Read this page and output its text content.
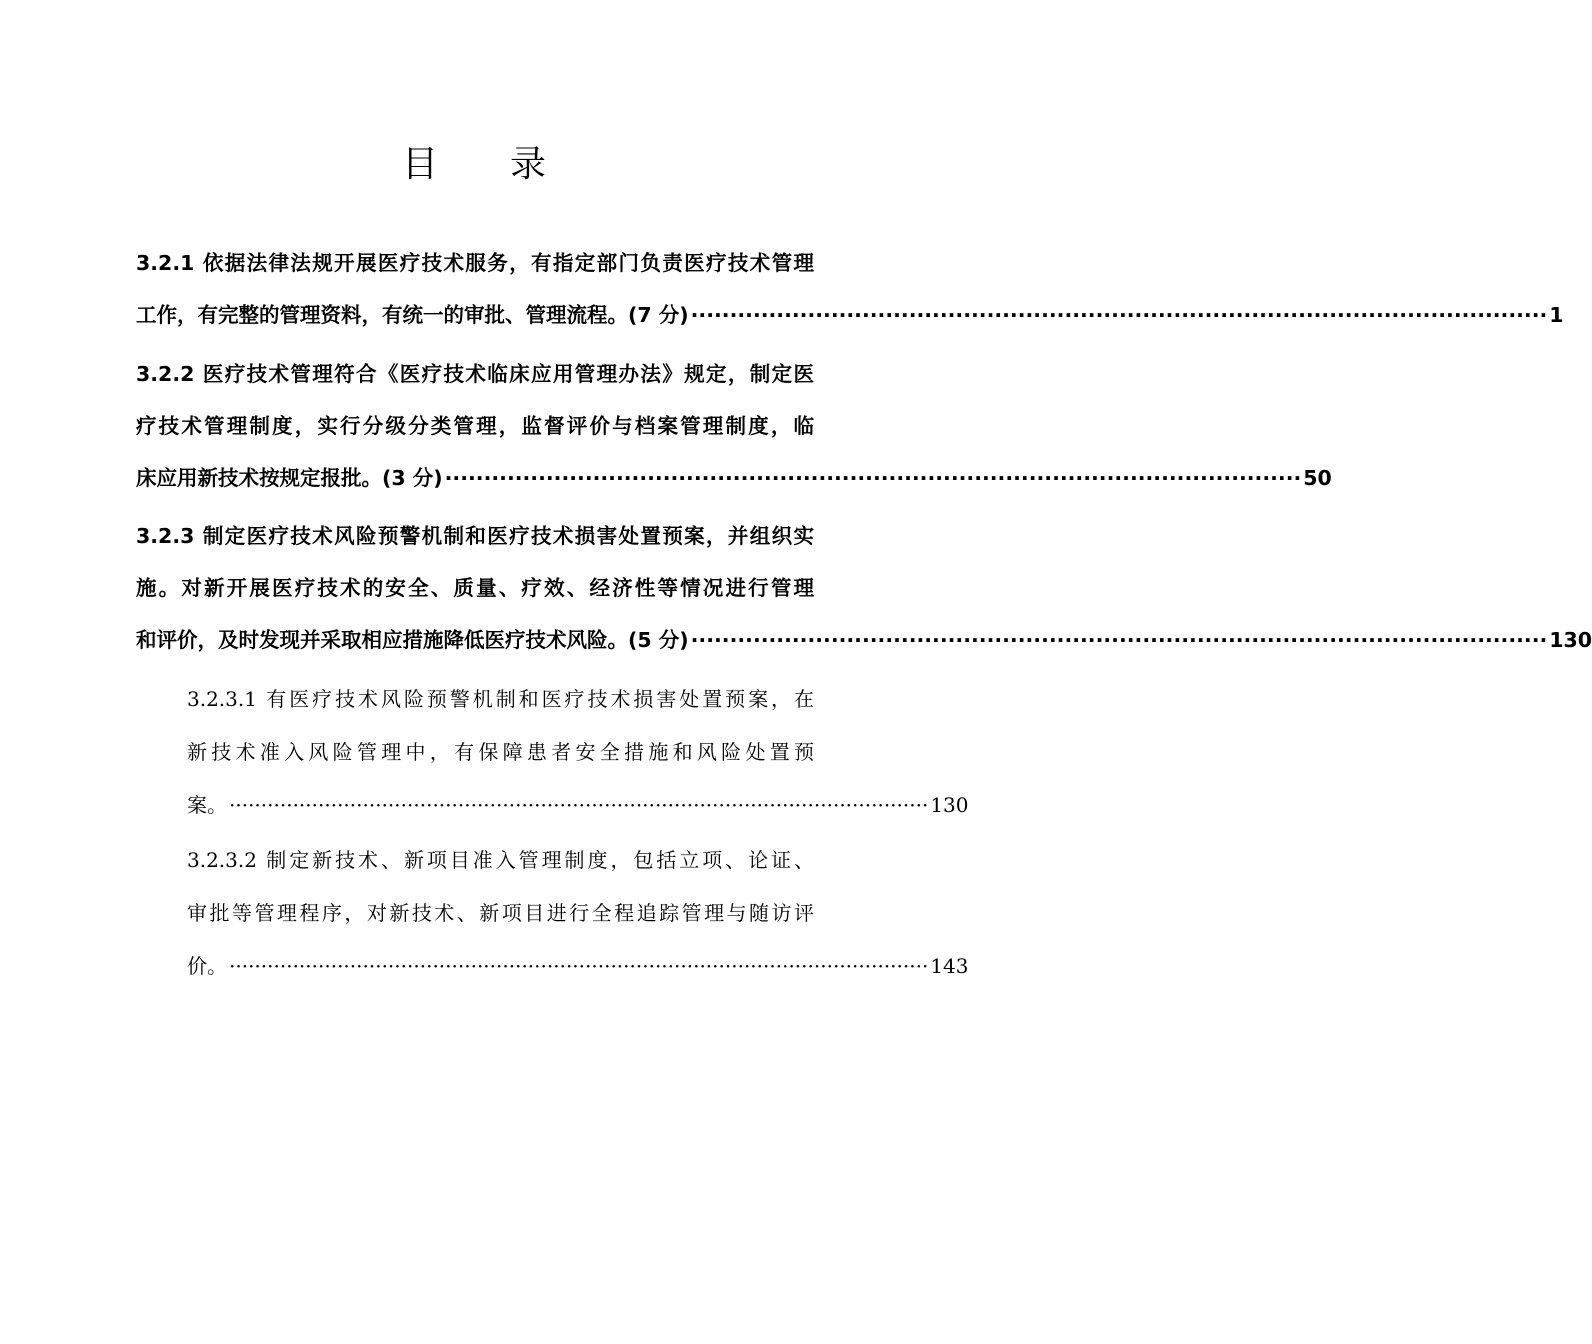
目 录
3.2.1 依据法律法规开展医疗技术服务，有指定部门负责医疗技术管理
工作，有完整的管理资料，有统一的审批、管理流程。(7 分) ·············································································································· 1
3.2.2 医疗技术管理符合《医疗技术临床应用管理办法》规定，制定医
疗技术管理制度，实行分级分类管理，监督评价与档案管理制度，临
床应用新技术按规定报批。(3 分) ·············································································································· 50
3.2.3 制定医疗技术风险预警机制和医疗技术损害处置预案，并组织实
施。对新开展医疗技术的安全、质量、疗效、经济性等情况进行管理
和评价，及时发现并采取相应措施降低医疗技术风险。(5 分) ·············································································································· 130
3.2.3.1 有医疗技术风险预警机制和医疗技术损害处置预案，在
新技术准入风险管理中，有保障患者安全措施和风险处置预
案。 ·············································································································· 130
3.2.3.2 制定新技术、新项目准入管理制度，包括立项、论证、
审批等管理程序，对新技术、新项目进行全程追踪管理与随访评
价。 ·············································································································· 143
